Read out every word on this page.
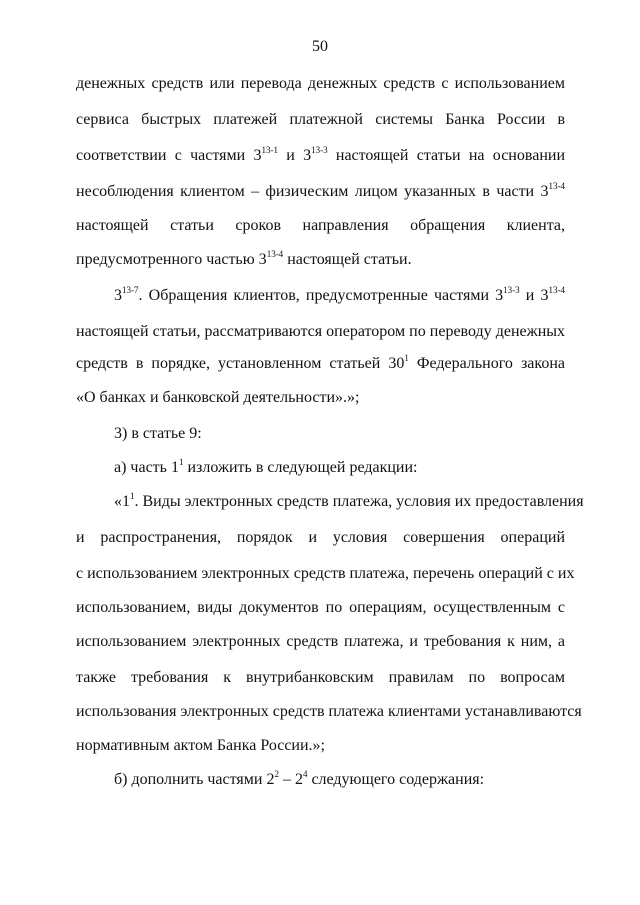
50
денежных средств или перевода денежных средств с использованием
сервиса быстрых платежей платежной системы Банка России в
соответствии с частями 3$^{13-1}$ и 3$^{13-3}$ настоящей статьи на основании
несоблюдения клиентом – физическим лицом указанных в части 3$^{13-4}$
настоящей статьи сроков направления обращения клиента,
предусмотренного частью 3$^{13-4}$ настоящей статьи.
3$^{13-7}$. Обращения клиентов, предусмотренные частями 3$^{13-3}$ и 3$^{13-4}$
настоящей статьи, рассматриваются оператором по переводу денежных
средств в порядке, установленном статьей $30^1$ Федерального закона
«О банках и банковской деятельности».»;
3) в статье 9:
а) часть $1^1$ изложить в следующей редакции:
«$1^1$. Виды электронных средств платежа, условия их предоставления
и распространения, порядок и условия совершения операций
с использованием электронных средств платежа, перечень операций с их
использованием, виды документов по операциям, осуществленным с
использованием электронных средств платежа, и требования к ним, а
также требования к внутрибанковским правилам по вопросам
использования электронных средств платежа клиентами устанавливаются
нормативным актом Банка России.»;
б) дополнить частями $2^2 - 2^4$ следующего содержания:
